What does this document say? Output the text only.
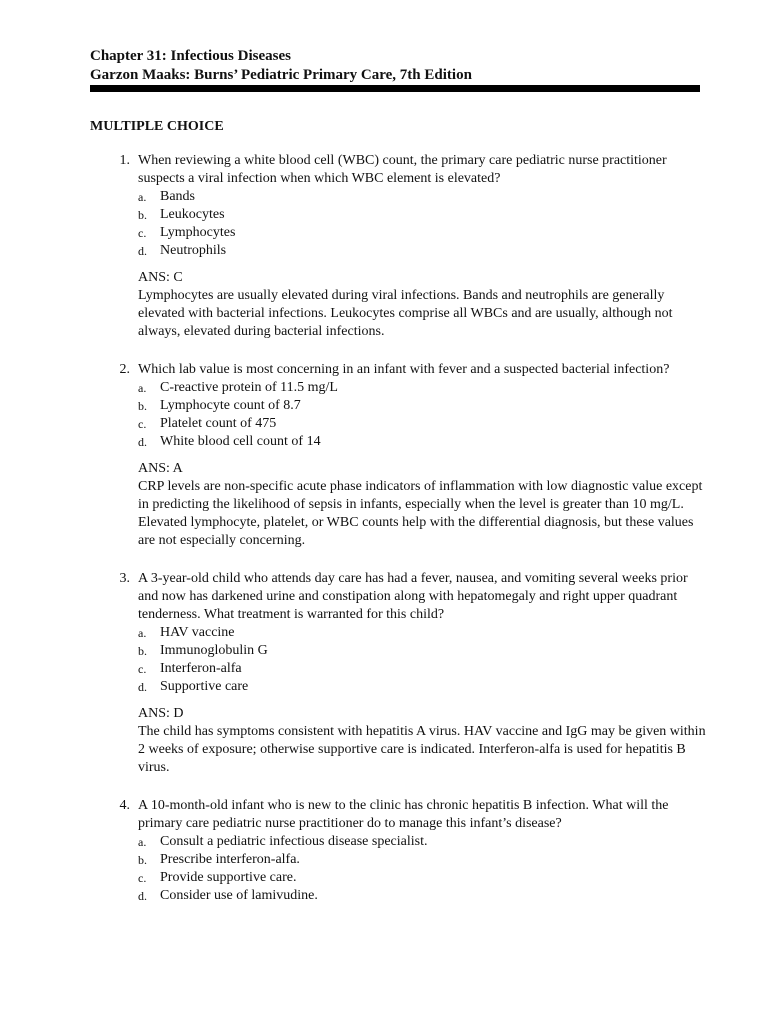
Chapter 31: Infectious Diseases
Garzon Maaks: Burns’ Pediatric Primary Care, 7th Edition
MULTIPLE CHOICE
1. When reviewing a white blood cell (WBC) count, the primary care pediatric nurse practitioner suspects a viral infection when which WBC element is elevated?
a. Bands
b. Leukocytes
c. Lymphocytes
d. Neutrophils
ANS: C
Lymphocytes are usually elevated during viral infections. Bands and neutrophils are generally elevated with bacterial infections. Leukocytes comprise all WBCs and are usually, although not always, elevated during bacterial infections.
2. Which lab value is most concerning in an infant with fever and a suspected bacterial infection?
a. C-reactive protein of 11.5 mg/L
b. Lymphocyte count of 8.7
c. Platelet count of 475
d. White blood cell count of 14
ANS: A
CRP levels are non-specific acute phase indicators of inflammation with low diagnostic value except in predicting the likelihood of sepsis in infants, especially when the level is greater than 10 mg/L. Elevated lymphocyte, platelet, or WBC counts help with the differential diagnosis, but these values are not especially concerning.
3. A 3-year-old child who attends day care has had a fever, nausea, and vomiting several weeks prior and now has darkened urine and constipation along with hepatomegaly and right upper quadrant tenderness. What treatment is warranted for this child?
a. HAV vaccine
b. Immunoglobulin G
c. Interferon-alfa
d. Supportive care
ANS: D
The child has symptoms consistent with hepatitis A virus. HAV vaccine and IgG may be given within 2 weeks of exposure; otherwise supportive care is indicated. Interferon-alfa is used for hepatitis B virus.
4. A 10-month-old infant who is new to the clinic has chronic hepatitis B infection. What will the primary care pediatric nurse practitioner do to manage this infant’s disease?
a. Consult a pediatric infectious disease specialist.
b. Prescribe interferon-alfa.
c. Provide supportive care.
d. Consider use of lamivudine.
